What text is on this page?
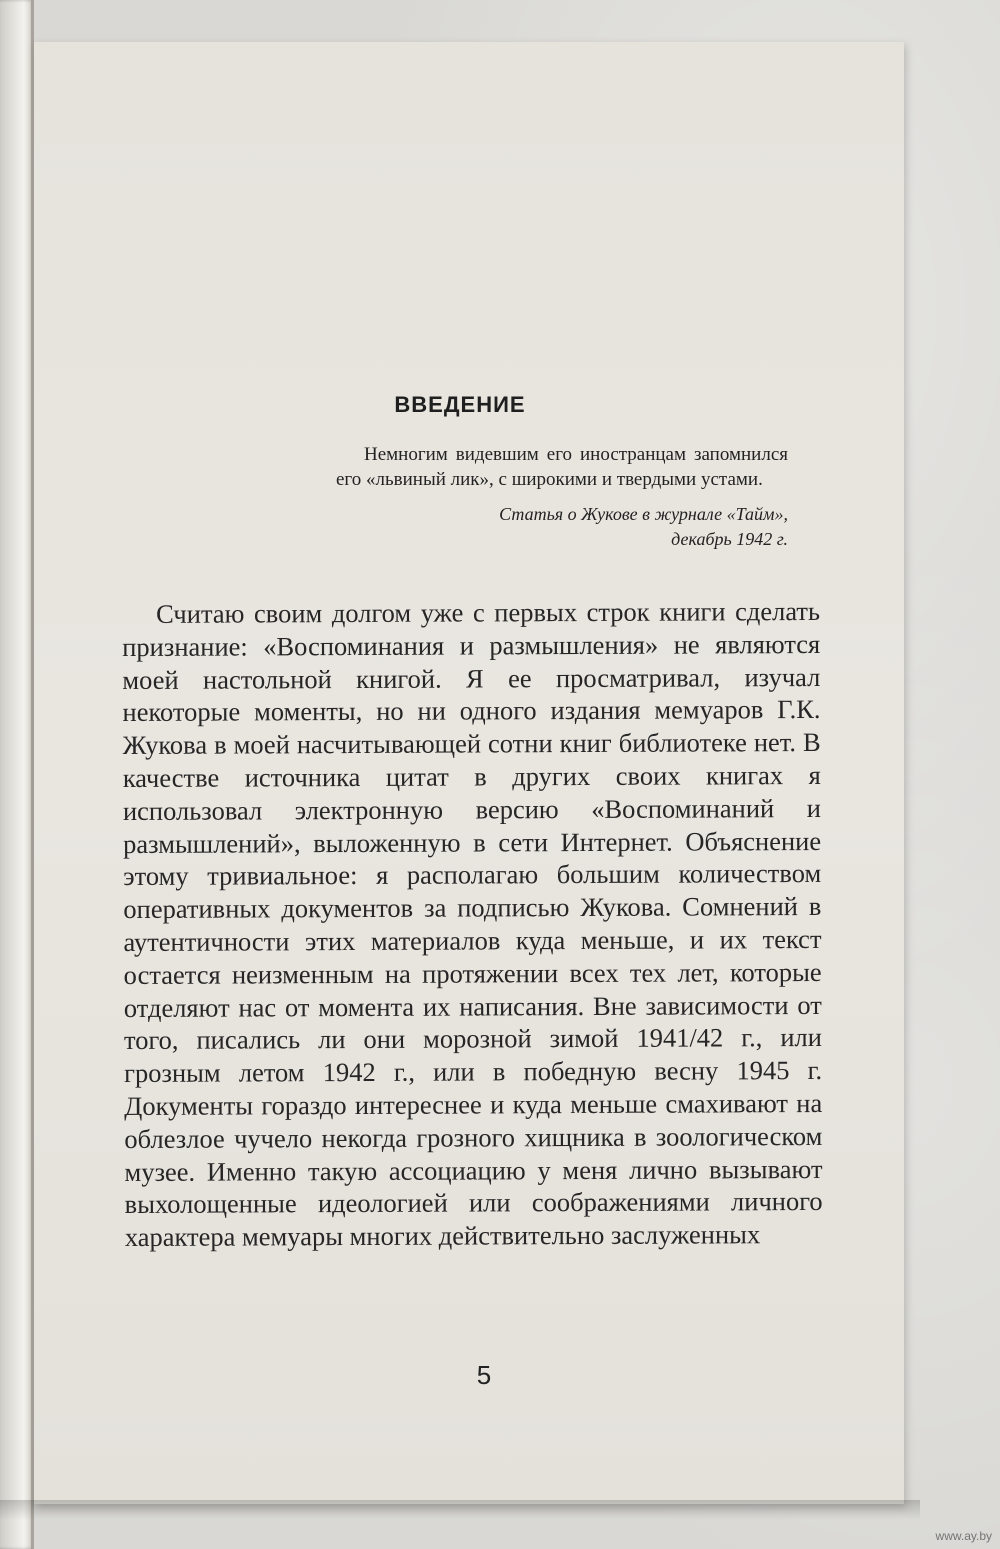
ВВЕДЕНИЕ

Немногим видевшим его иностранцам запомнился его «львиный лик», с широкими и твердыми устами.

Статья о Жукове в журнале «Тайм»,
декабрь 1942 г.

Считаю своим долгом уже с первых строк книги сделать признание: «Воспоминания и размышления» не являются моей настольной книгой. Я ее просматривал, изучал некоторые моменты, но ни одного издания мемуаров Г.К. Жукова в моей насчитывающей сотни книг библиотеке нет. В качестве источника цитат в других своих книгах я использовал электронную версию «Воспоминаний и размышлений», выложенную в сети Интернет. Объяснение этому тривиальное: я располагаю большим количеством оперативных документов за подписью Жукова. Сомнений в аутентичности этих материалов куда меньше, и их текст остается неизменным на протяжении всех тех лет, которые отделяют нас от момента их написания. Вне зависимости от того, писались ли они морозной зимой 1941/42 г., или грозным летом 1942 г., или в победную весну 1945 г. Документы гораздо интереснее и куда меньше смахивают на облезлое чучело некогда грозного хищника в зоологическом музее. Именно такую ассоциацию у меня лично вызывают выхолощенные идеологией или соображениями личного характера мемуары многих действительно заслуженных

5
www.ay.by
